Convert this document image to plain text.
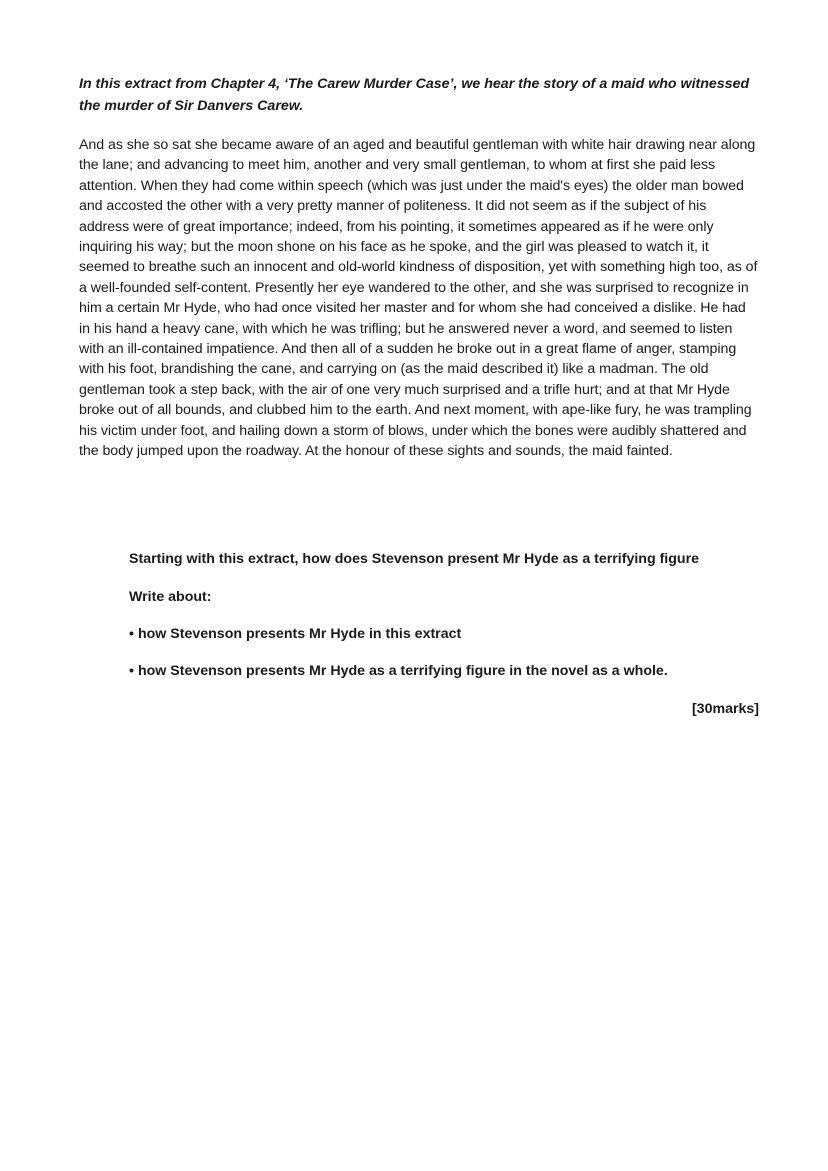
In this extract from Chapter 4, ‘The Carew Murder Case’, we hear the story of a maid who witnessed the murder of Sir Danvers Carew.

And as she so sat she became aware of an aged and beautiful gentleman with white hair drawing near along the lane; and advancing to meet him, another and very small gentleman, to whom at first she paid less attention. When they had come within speech (which was just under the maid's eyes) the older man bowed and accosted the other with a very pretty manner of politeness. It did not seem as if the subject of his address were of great importance; indeed, from his pointing, it sometimes appeared as if he were only inquiring his way; but the moon shone on his face as he spoke, and the girl was pleased to watch it, it seemed to breathe such an innocent and old-world kindness of disposition, yet with something high too, as of a well-founded self-content. Presently her eye wandered to the other, and she was surprised to recognize in him a certain Mr Hyde, who had once visited her master and for whom she had conceived a dislike. He had in his hand a heavy cane, with which he was trifling; but he answered never a word, and seemed to listen with an ill-contained impatience. And then all of a sudden he broke out in a great flame of anger, stamping with his foot, brandishing the cane, and carrying on (as the maid described it) like a madman. The old gentleman took a step back, with the air of one very much surprised and a trifle hurt; and at that Mr Hyde broke out of all bounds, and clubbed him to the earth. And next moment, with ape-like fury, he was trampling his victim under foot, and hailing down a storm of blows, under which the bones were audibly shattered and the body jumped upon the roadway. At the honour of these sights and sounds, the maid fainted.

Starting with this extract, how does Stevenson present Mr Hyde as a terrifying figure

Write about:

• how Stevenson presents Mr Hyde in this extract

• how Stevenson presents Mr Hyde as a terrifying figure in the novel as a whole.

[30marks]
